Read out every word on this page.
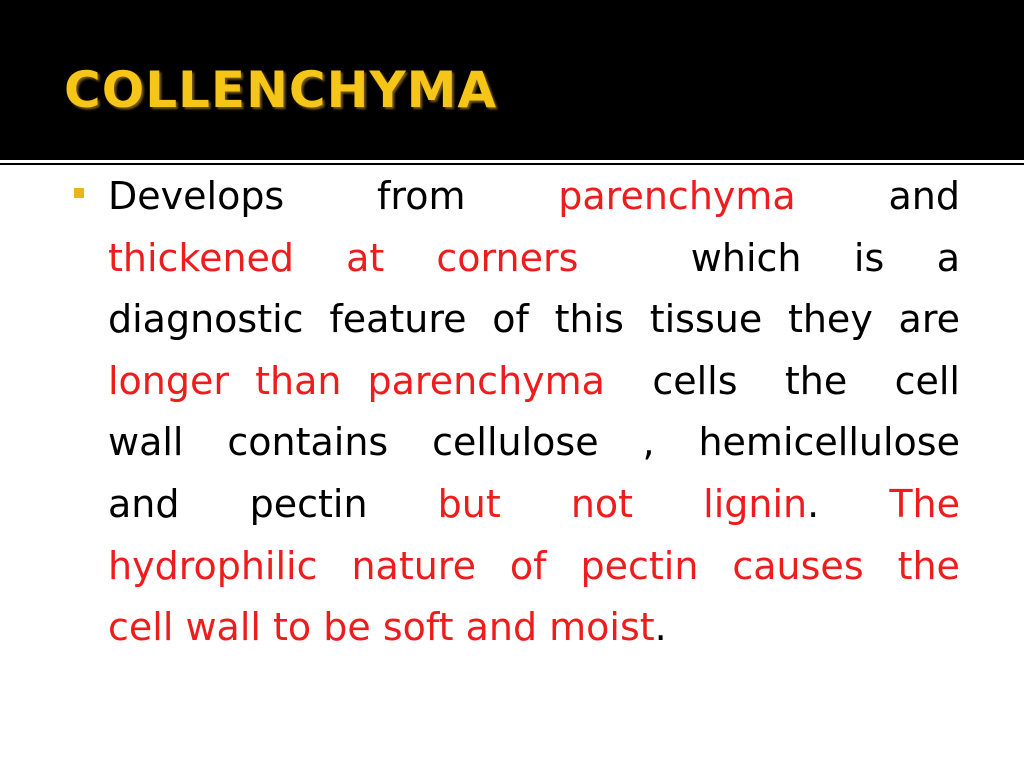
COLLENCHYMA
Develops from parenchyma and
thickened at corners	which is a
diagnostic feature of this tissue they are
longer than parenchyma cells the cell
wall contains cellulose , hemicellulose
and pectin but not lignin. The
hydrophilic nature of pectin causes the
cell wall to be soft and moist .
